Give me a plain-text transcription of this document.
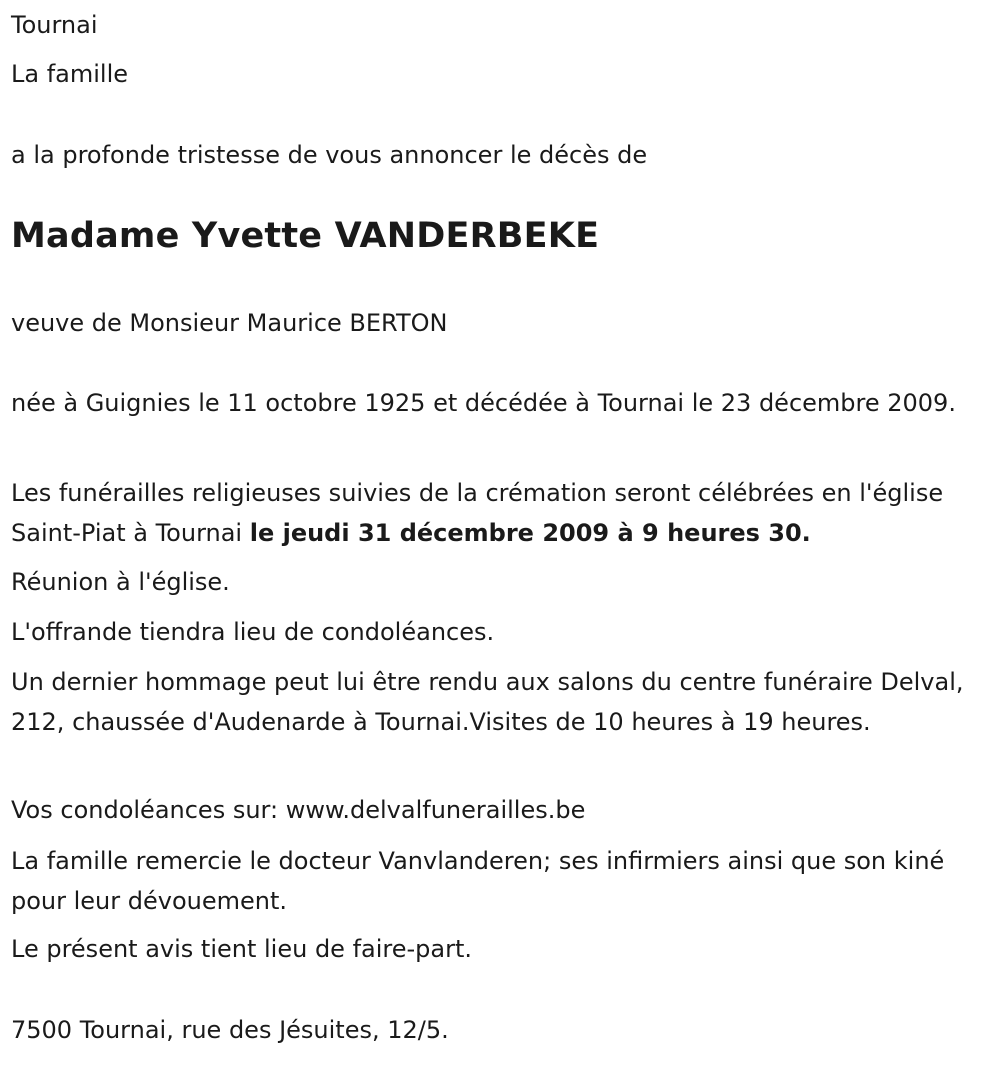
Tournai

La famille

a la profonde tristesse de vous annoncer le décès de

Madame Yvette VANDERBEKE

veuve de Monsieur Maurice BERTON

née à Guignies le 11 octobre 1925 et décédée à Tournai le 23 décembre 2009.

Les funérailles religieuses suivies de la crémation seront célébrées en l'église Saint-Piat à Tournai le jeudi 31 décembre 2009 à 9 heures 30.

Réunion à l'église.

L'offrande tiendra lieu de condoléances.

Un dernier hommage peut lui être rendu aux salons du centre funéraire Delval, 212, chaussée d'Audenarde à Tournai.Visites de 10 heures à 19 heures.

Vos condoléances sur: www.delvalfunerailles.be

La famille remercie le docteur Vanvlanderen; ses infirmiers ainsi que son kiné pour leur dévouement.

Le présent avis tient lieu de faire-part.

7500 Tournai, rue des Jésuites, 12/5.
